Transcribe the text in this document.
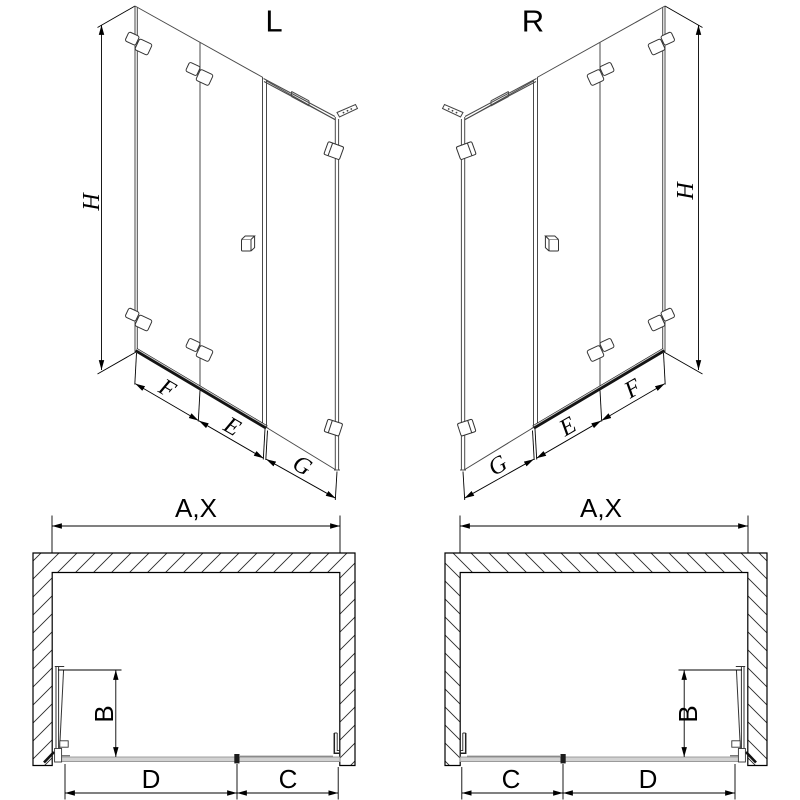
L
H
F
E
G
R
H
F
E
G
A,X
B
D	C
A,X
B
C	D
